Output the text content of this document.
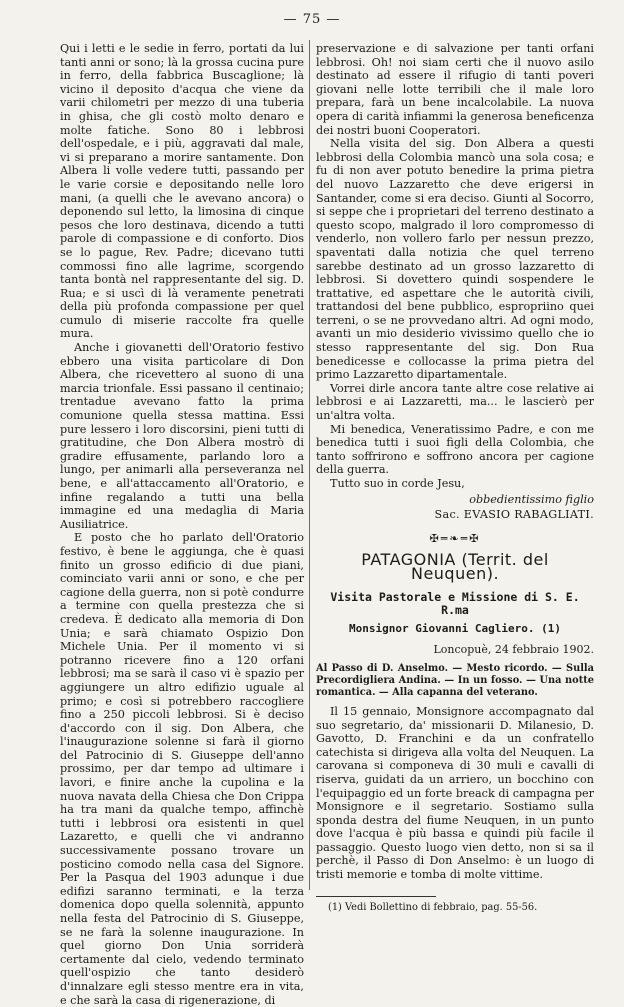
— 75 —

Qui i letti e le sedie in ferro, portati da lui tanti anni or sono; là la grossa cucina pure in ferro, della fabbrica Buscaglione; là vicino il deposito d'acqua che viene da varii chilometri per mezzo di una tuberia in ghisa, che gli costò molto denaro e molte fatiche. Sono 80 i lebbrosi dell'ospedale, e i più, aggravati dal male, vi si preparano a morire santamente. Don Albera li volle vedere tutti, passando per le varie corsie e depositando nelle loro mani, (a quelli che le avevano ancora) o deponendo sul letto, la limosina di cinque pesos che loro destinava, dicendo a tutti parole di compassione e di conforto. Dios se lo pague, Rev. Padre; dicevano tutti commossi fino alle lagrime, scorgendo tanta bontà nel rappresentante del sig. D. Rua; e si uscì di là veramente penetrati della più profonda compassione per quel cumulo di miserie raccolte fra quelle mura.

Anche i giovanetti dell'Oratorio festivo ebbero una visita particolare di Don Albera, che ricevettero al suono di una marcia trionfale. Essi passano il centinaio; trentadue avevano fatto la prima comunione quella stessa mattina. Essi pure lessero i loro discorsini, pieni tutti di gratitudine, che Don Albera mostrò di gradire effusamente, parlando loro a lungo, per animarli alla perseveranza nel bene, e all'attaccamento all'Oratorio, e infine regalando a tutti una bella immagine ed una medaglia di Maria Ausiliatrice.

E posto che ho parlato dell'Oratorio festivo, è bene le aggiunga, che è quasi finito un grosso edificio di due piani, cominciato varii anni or sono, e che per cagione della guerra, non si potè condurre a termine con quella prestezza che si credeva. È dedicato alla memoria di Don Unia; e sarà chiamato Ospizio Don Michele Unia. Per il momento vi si potranno ricevere fino a 120 orfani lebbrosi; ma se sarà il caso vi è spazio per aggiungere un altro edifizio uguale al primo; e così si potrebbero raccogliere fino a 250 piccoli lebbrosi. Si è deciso d'accordo con il sig. Don Albera, che l'inaugurazione solenne si farà il giorno del Patrocinio di S. Giuseppe dell'anno prossimo, per dar tempo ad ultimare i lavori, e finire anche la cupolina e la nuova navata della Chiesa che Don Crippa ha tra mani da qualche tempo, affinchè tutti i lebbrosi ora esistenti in quel Lazaretto, e quelli che vi andranno successivamente possano trovare un posticino comodo nella casa del Signore. Per la Pasqua del 1903 adunque i due edifizi saranno terminati, e la terza domenica dopo quella solennità, appunto nella festa del Patrocinio di S. Giuseppe, se ne farà la solenne inaugurazione. In quel giorno Don Unia sorriderà certamente dal cielo, vedendo terminato quell'ospizio che tanto desiderò d'innalzare egli stesso mentre era in vita, e che sarà la casa di rigenerazione, di

preservazione e di salvazione per tanti orfani lebbrosi. Oh! noi siam certi che il nuovo asilo destinato ad essere il rifugio di tanti poveri giovani nelle lotte terribili che il male loro prepara, farà un bene incalcolabile. La nuova opera di carità infiammi la generosa beneficenza dei nostri buoni Cooperatori.

Nella visita del sig. Don Albera a questi lebbrosi della Colombia mancò una sola cosa; e fu di non aver potuto benedire la prima pietra del nuovo Lazzaretto che deve erigersi in Santander, come si era deciso. Giunti al Socorro, si seppe che i proprietari del terreno destinato a questo scopo, malgrado il loro compromesso di venderlo, non vollero farlo per nessun prezzo, spaventati dalla notizia che quel terreno sarebbe destinato ad un grosso lazzaretto di lebbrosi. Si dovettero quindi sospendere le trattative, ed aspettare che le autorità civili, trattandosi del bene pubblico, espropriino quei terreni, o se ne provvedano altri. Ad ogni modo, avanti un mio desiderio vivissimo quello che io stesso rappresentante del sig. Don Rua benedicesse e collocasse la prima pietra del primo Lazzaretto dipartamentale.

Vorrei dirle ancora tante altre cose relative ai lebbrosi e ai Lazzaretti, ma... le lascierò per un'altra volta.

Mi benedica, Veneratissimo Padre, e con me benedica tutti i suoi figli della Colombia, che tanto soffrirono e soffrono ancora per cagione della guerra.

Tutto suo in corde Jesu,

obbedientissimo figlio
Sac. EVASIO RABAGLIATI.
✠═❧═✠
PATAGONIA (Territ. del Neuquen).
Visita Pastorale e Missione di S. E. R.ma
Monsignor Giovanni Cagliero. (1)
Loncopuè, 24 febbraio 1902.

Al Passo di D. Anselmo. — Mesto ricordo. — Sulla Precordigliera Andina. — In un fosso. — Una notte romantica. — Alla capanna del veterano.

Il 15 gennaio, Monsignore accompagnato dal suo segretario, da' missionarii D. Milanesio, D. Gavotto, D. Franchini e da un confratello catechista si dirigeva alla volta del Neuquen. La carovana si componeva di 30 muli e cavalli di riserva, guidati da un arriero, un bocchino con l'equipaggio ed un forte breack di campagna per Monsignore e il segretario. Sostiamo sulla sponda destra del fiume Neuquen, in un punto dove l'acqua è più bassa e quindi più facile il passaggio. Questo luogo vien detto, non si sa il perchè, il Passo di Don Anselmo: è un luogo di tristi memorie e tomba di molte vittime.

(1) Vedi Bollettino di febbraio, pag. 55-56.
